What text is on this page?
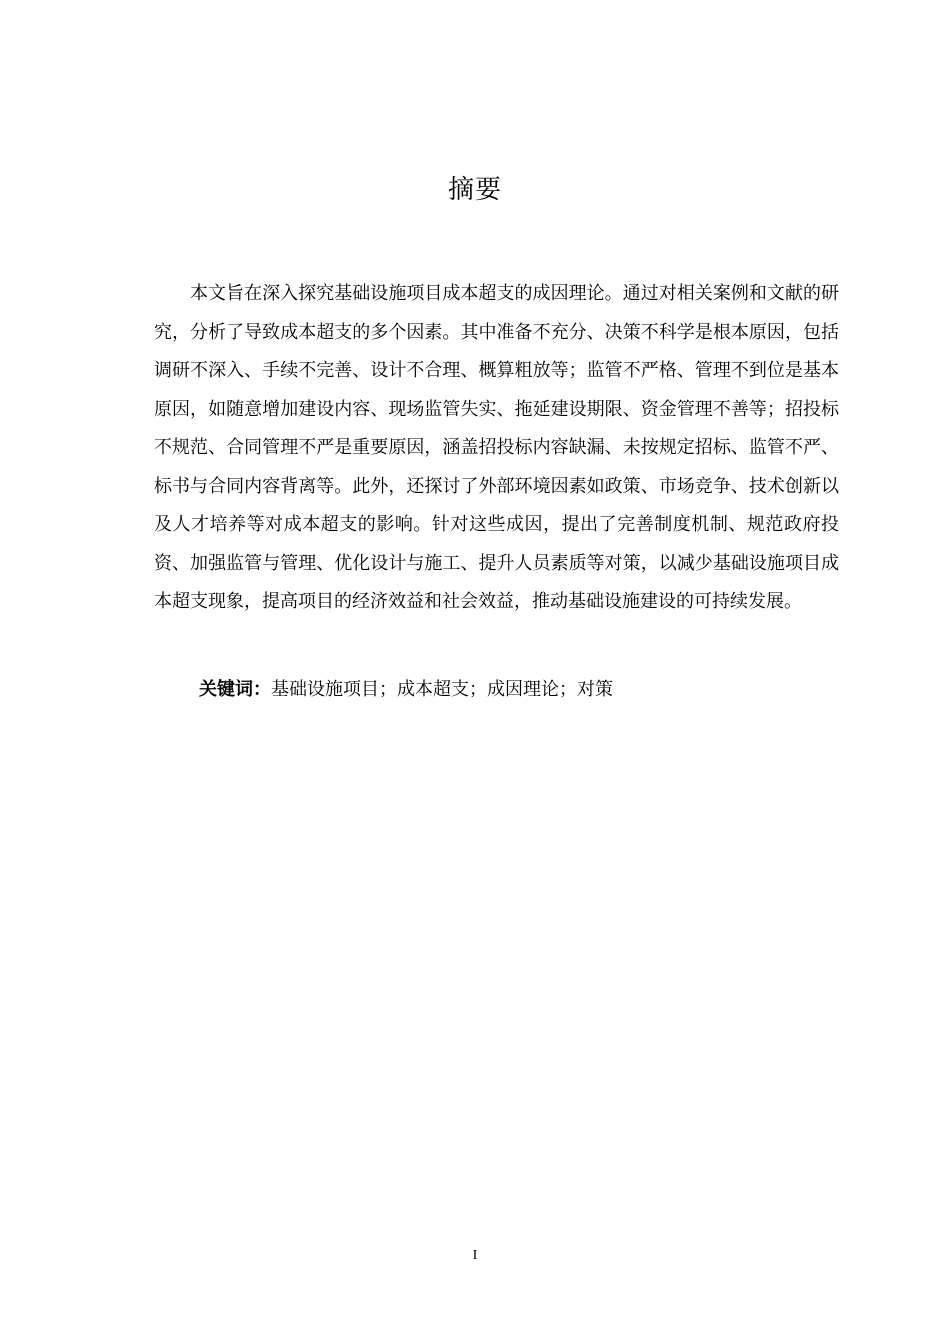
摘要

本文旨在深入探究基础设施项目成本超支的成因理论。通过对相关案例和文献的研究，分析了导致成本超支的多个因素。其中准备不充分、决策不科学是根本原因，包括调研不深入、手续不完善、设计不合理、概算粗放等；监管不严格、管理不到位是基本原因，如随意增加建设内容、现场监管失实、拖延建设期限、资金管理不善等；招投标不规范、合同管理不严是重要原因，涵盖招投标内容缺漏、未按规定招标、监管不严、标书与合同内容背离等。此外，还探讨了外部环境因素如政策、市场竞争、技术创新以及人才培养等对成本超支的影响。针对这些成因，提出了完善制度机制、规范政府投资、加强监管与管理、优化设计与施工、提升人员素质等对策，以减少基础设施项目成本超支现象，提高项目的经济效益和社会效益，推动基础设施建设的可持续发展。

关键词：基础设施项目；成本超支；成因理论；对策
I
